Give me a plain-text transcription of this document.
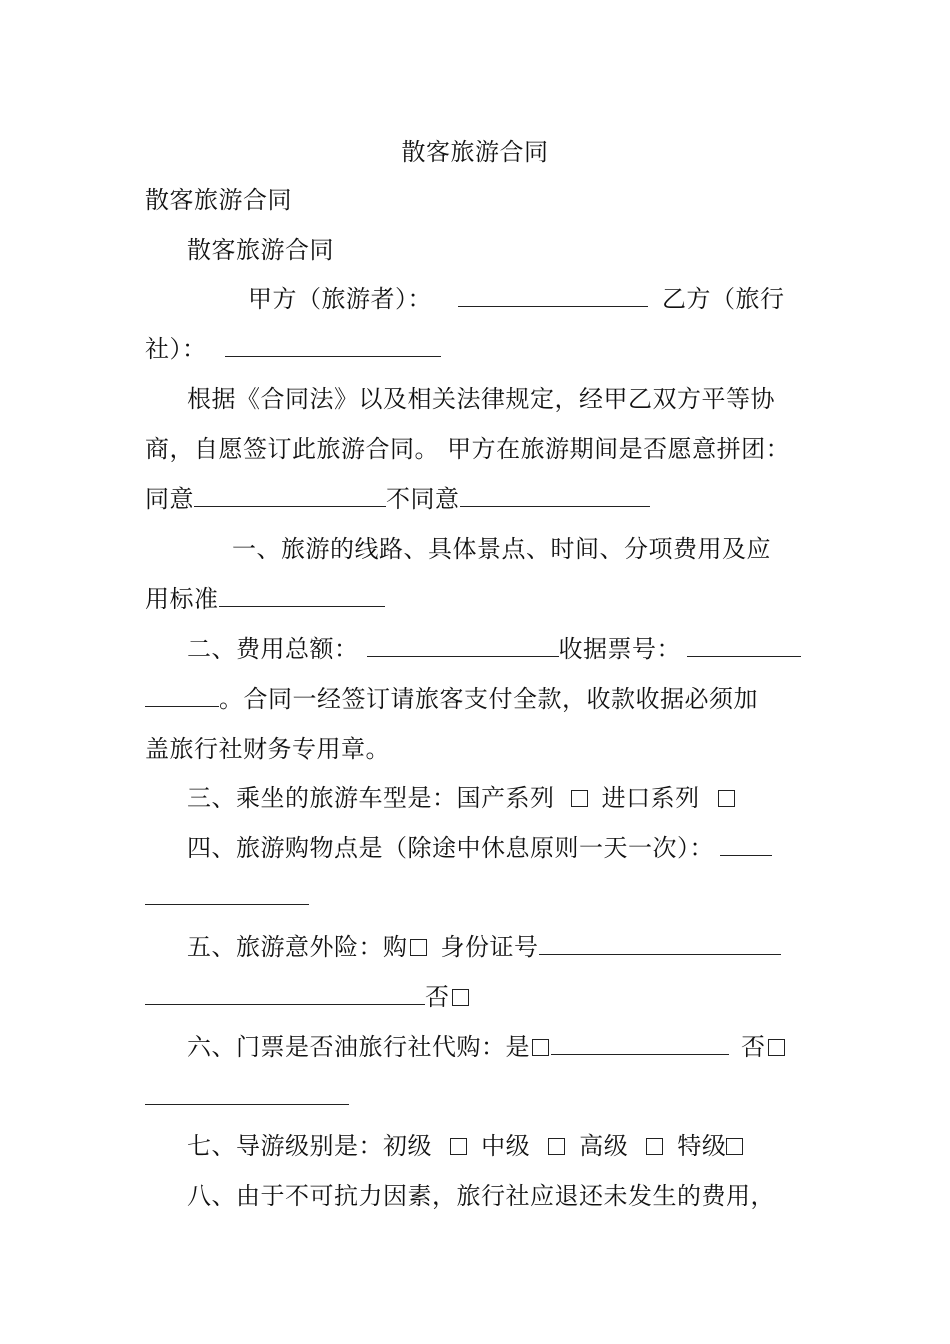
散客旅游合同
散客旅游合同
散客旅游合同
甲方（旅游者）：	乙方（旅行
社）：
根据《合同法》以及相关法律规定，经甲乙双方平等协
商，自愿签订此旅游合同。 甲方在旅游期间是否愿意拼团：
同意	不同意
一、旅游的线路、具体景点、时间、分项费用及应
用标准
二、费用总额：	收据票号：
。合同一经签订请旅客支付全款，收款收据必须加
盖旅行社财务专用章。
三、乘坐的旅游车型是：国产系列 进口系列
四、旅游购物点是（除途中休息原则一天一次）：
五、旅游意外险：购 身份证号
否
六、门票是否油旅行社代购：是	否
七、导游级别是：初级 中级 高级 特级
八、由于不可抗力因素，旅行社应退还未发生的费用，
